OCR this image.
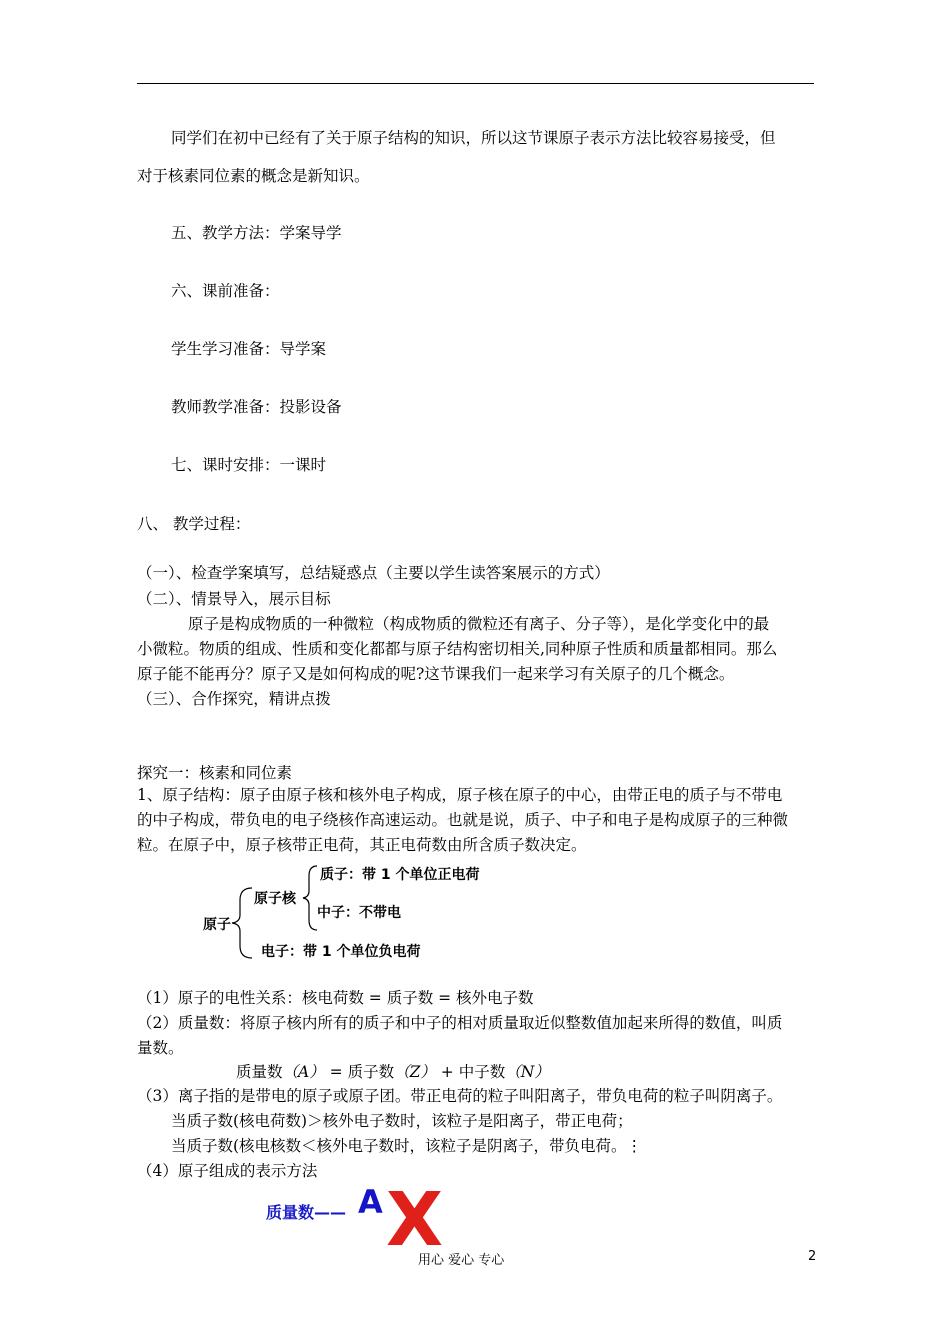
同学们在初中已经有了关于原子结构的知识，所以这节课原子表示方法比较容易接受，但
对于核素同位素的概念是新知识。
五、教学方法：学案导学
六、课前准备：
学生学习准备：导学案
教师教学准备：投影设备
七、课时安排：一课时
八、 教学过程：
（一）、检查学案填写，总结疑惑点（主要以学生读答案展示的方式）
（二）、情景导入，展示目标
原子是构成物质的一种微粒（构成物质的微粒还有离子、分子等），是化学变化中的最
小微粒。物质的组成、性质和变化都都与原子结构密切相关,同种原子性质和质量都相同。那么
原子能不能再分？原子又是如何构成的呢?这节课我们一起来学习有关原子的几个概念。
（三）、合作探究，精讲点拨
探究一：核素和同位素
1、原子结构：原子由原子核和核外电子构成，原子核在原子的中心，由带正电的质子与不带电
的中子构成，带负电的电子绕核作高速运动。也就是说，质子、中子和电子是构成原子的三种微
粒。在原子中，原子核带正电荷，其正电荷数由所含质子数决定。
原子
原子核
质子：带 1 个单位正电荷
中子：不带电
电子：带 1 个单位负电荷
（1）原子的电性关系：核电荷数 = 质子数 = 核外电子数
（2）质量数：将原子核内所有的质子和中子的相对质量取近似整数值加起来所得的数值，叫质
量数。
质量数（A） = 质子数（Z） + 中子数（N）
（3）离子指的是带电的原子或原子团。带正电荷的粒子叫阳离子，带负电荷的粒子叫阴离子。
当质子数(核电荷数)＞核外电子数时，该粒子是阳离子，带正电荷；
当质子数(核电核数＜核外电子数时，该粒子是阴离子，带负电荷。⋮
（4）原子组成的表示方法
质量数—— A X
用心 爱心 专心	2
